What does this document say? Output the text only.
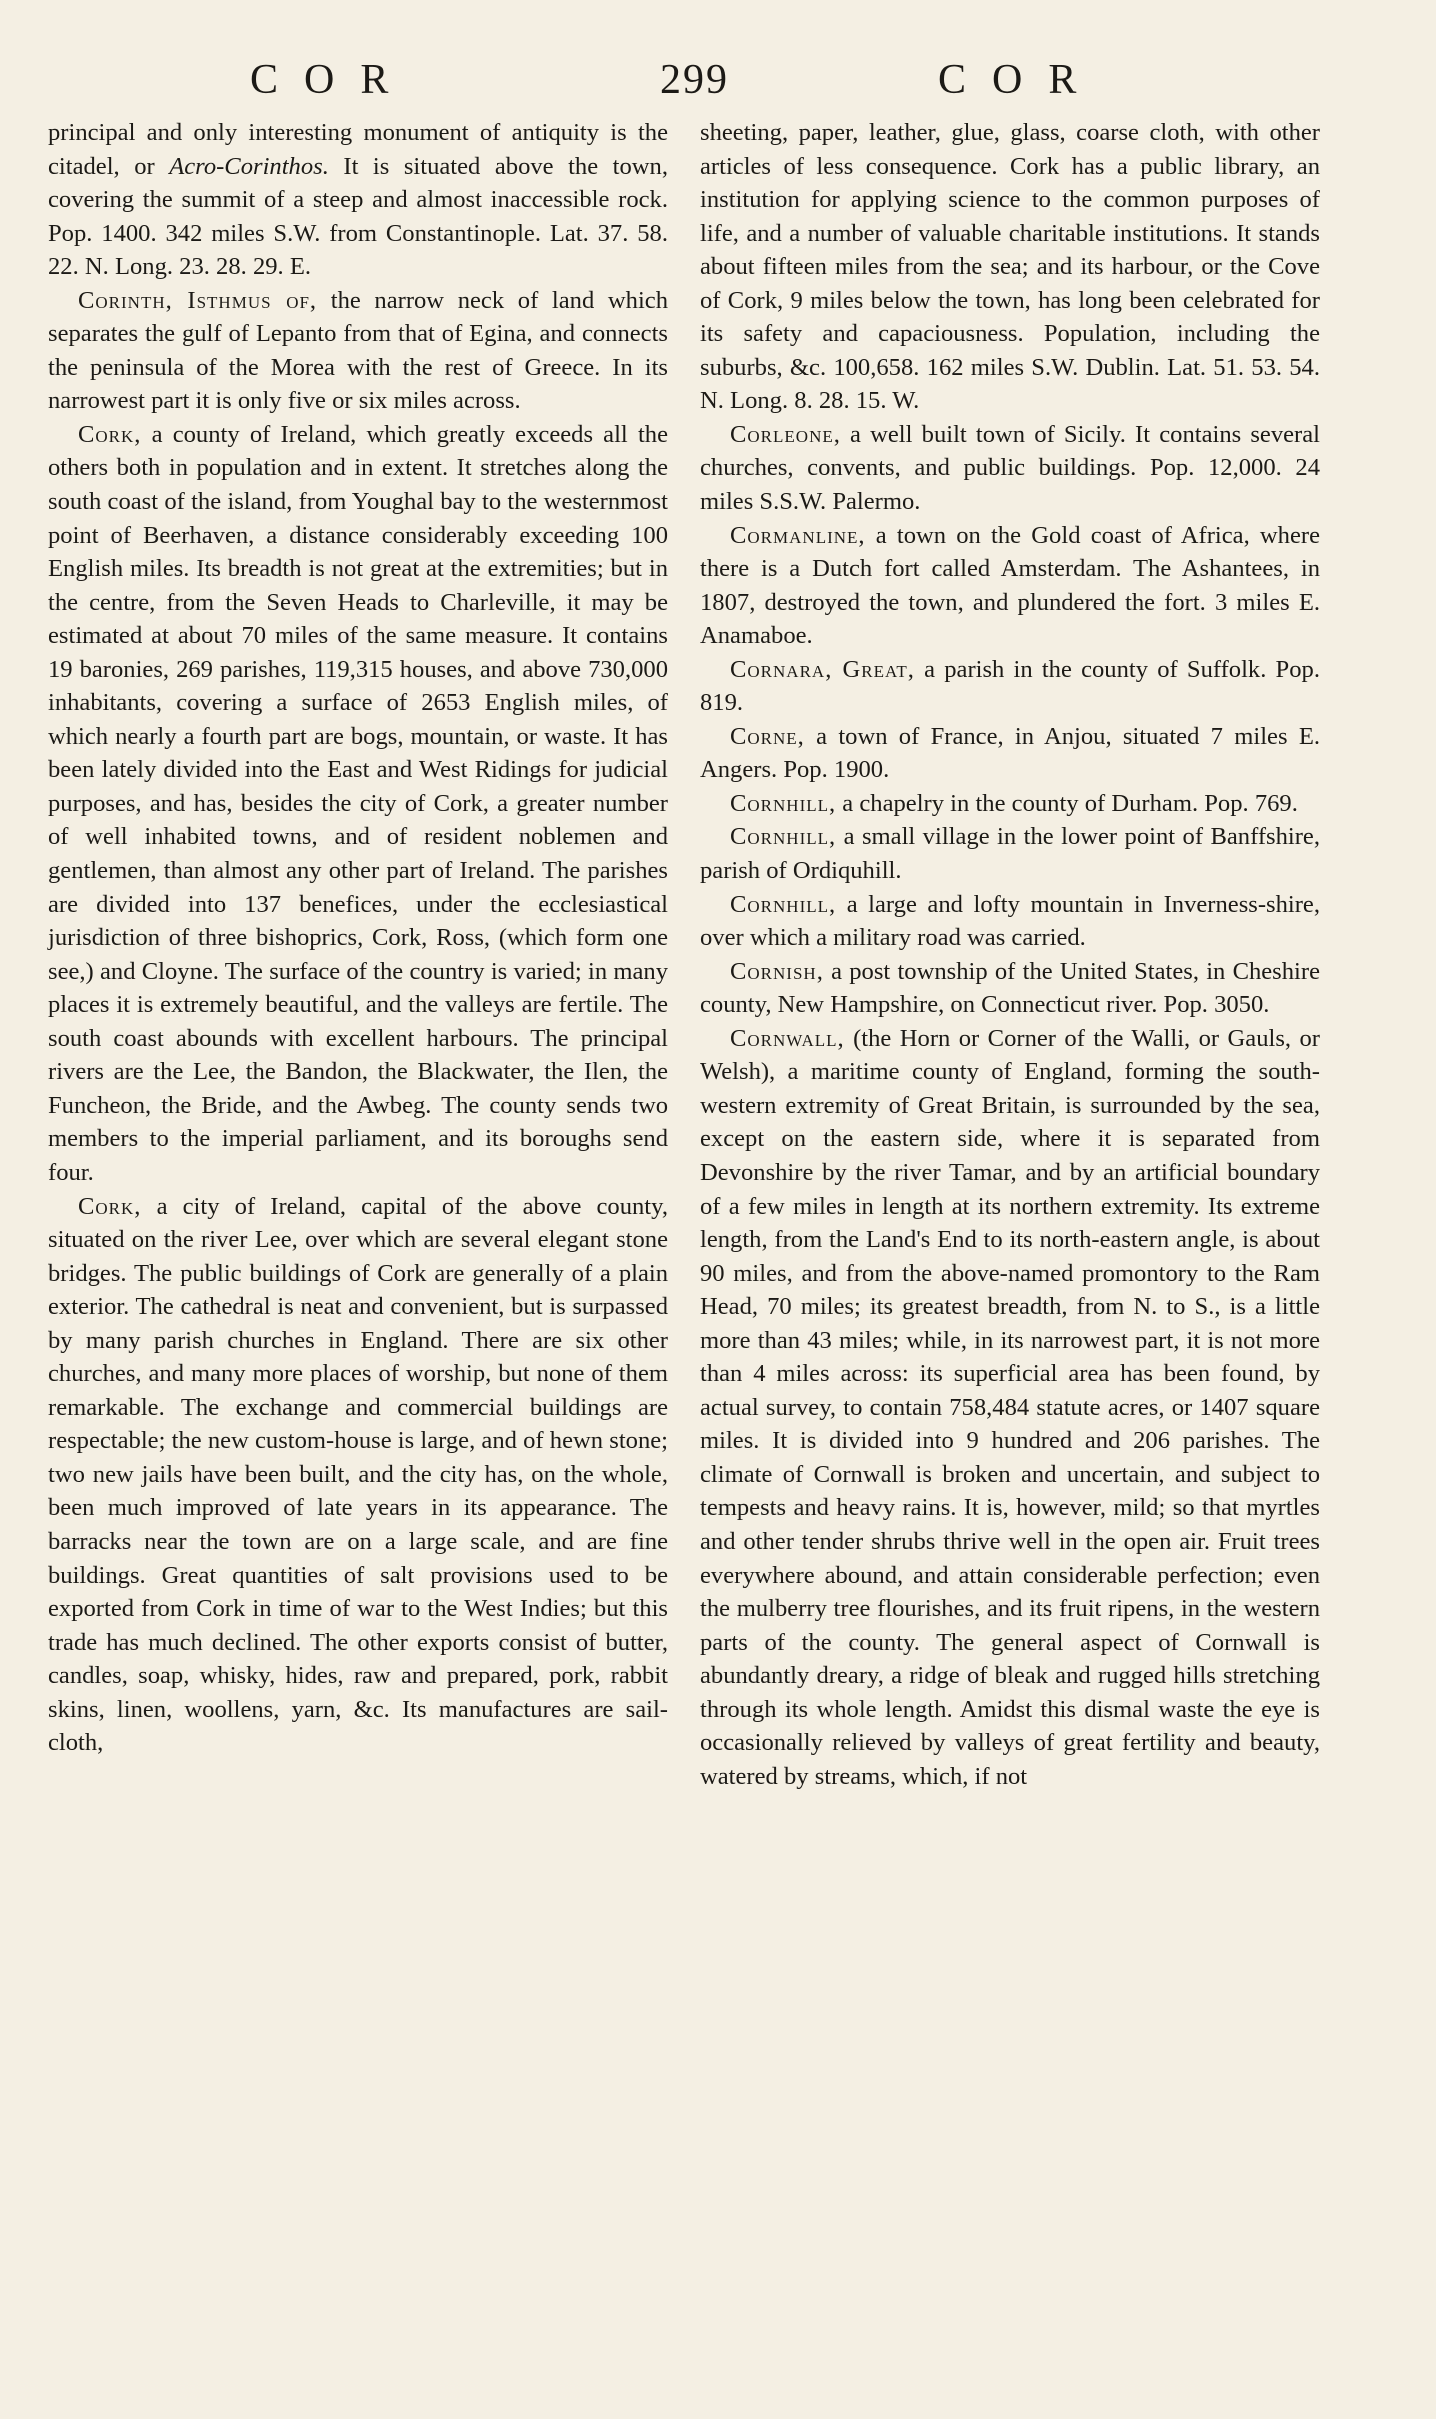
COR	299	COR

principal and only interesting monument of antiquity is the citadel, or Acro-Corinthos. It is situated above the town, covering the summit of a steep and almost inaccessible rock. Pop. 1400. 342 miles S.W. from Constantinople. Lat. 37. 58. 22. N. Long. 23. 28. 29. E.

Corinth, Isthmus of, the narrow neck of land which separates the gulf of Lepanto from that of Egina, and connects the peninsula of the Morea with the rest of Greece. In its narrowest part it is only five or six miles across.

Cork, a county of Ireland, which greatly exceeds all the others both in population and in extent. It stretches along the south coast of the island, from Youghal bay to the westernmost point of Beerhaven, a distance considerably exceeding 100 English miles. Its breadth is not great at the extremities; but in the centre, from the Seven Heads to Charleville, it may be estimated at about 70 miles of the same measure. It contains 19 baronies, 269 parishes, 119,315 houses, and above 730,000 inhabitants, covering a surface of 2653 English miles, of which nearly a fourth part are bogs, mountain, or waste. It has been lately divided into the East and West Ridings for judicial purposes, and has, besides the city of Cork, a greater number of well inhabited towns, and of resident noblemen and gentlemen, than almost any other part of Ireland. The parishes are divided into 137 benefices, under the ecclesiastical jurisdiction of three bishoprics, Cork, Ross, (which form one see,) and Cloyne. The surface of the country is varied; in many places it is extremely beautiful, and the valleys are fertile. The south coast abounds with excellent harbours. The principal rivers are the Lee, the Bandon, the Blackwater, the Ilen, the Funcheon, the Bride, and the Awbeg. The county sends two members to the imperial parliament, and its boroughs send four.

Cork, a city of Ireland, capital of the above county, situated on the river Lee, over which are several elegant stone bridges. The public buildings of Cork are generally of a plain exterior. The cathedral is neat and convenient, but is surpassed by many parish churches in England. There are six other churches, and many more places of worship, but none of them remarkable. The exchange and commercial buildings are respectable; the new custom-house is large, and of hewn stone; two new jails have been built, and the city has, on the whole, been much improved of late years in its appearance. The barracks near the town are on a large scale, and are fine buildings. Great quantities of salt provisions used to be exported from Cork in time of war to the West Indies; but this trade has much declined. The other exports consist of butter, candles, soap, whisky, hides, raw and prepared, pork, rabbit skins, linen, woollens, yarn, &c. Its manufactures are sail-cloth,

sheeting, paper, leather, glue, glass, coarse cloth, with other articles of less consequence. Cork has a public library, an institution for applying science to the common purposes of life, and a number of valuable charitable institutions. It stands about fifteen miles from the sea; and its harbour, or the Cove of Cork, 9 miles below the town, has long been celebrated for its safety and capaciousness. Population, including the suburbs, &c. 100,658. 162 miles S.W. Dublin. Lat. 51. 53. 54. N. Long. 8. 28. 15. W.

Corleone, a well built town of Sicily. It contains several churches, convents, and public buildings. Pop. 12,000. 24 miles S.S.W. Palermo.

Cormanline, a town on the Gold coast of Africa, where there is a Dutch fort called Amsterdam. The Ashantees, in 1807, destroyed the town, and plundered the fort. 3 miles E. Anamaboe.

Cornara, Great, a parish in the county of Suffolk. Pop. 819.

Corne, a town of France, in Anjou, situated 7 miles E. Angers. Pop. 1900.

Cornhill, a chapelry in the county of Durham. Pop. 769.

Cornhill, a small village in the lower point of Banffshire, parish of Ordiquhill.

Cornhill, a large and lofty mountain in Inverness-shire, over which a military road was carried.

Cornish, a post township of the United States, in Cheshire county, New Hampshire, on Connecticut river. Pop. 3050.

Cornwall, (the Horn or Corner of the Walli, or Gauls, or Welsh), a maritime county of England, forming the south-western extremity of Great Britain, is surrounded by the sea, except on the eastern side, where it is separated from Devonshire by the river Tamar, and by an artificial boundary of a few miles in length at its northern extremity. Its extreme length, from the Land's End to its north-eastern angle, is about 90 miles, and from the above-named promontory to the Ram Head, 70 miles; its greatest breadth, from N. to S., is a little more than 43 miles; while, in its narrowest part, it is not more than 4 miles across: its superficial area has been found, by actual survey, to contain 758,484 statute acres, or 1407 square miles. It is divided into 9 hundred and 206 parishes. The climate of Cornwall is broken and uncertain, and subject to tempests and heavy rains. It is, however, mild; so that myrtles and other tender shrubs thrive well in the open air. Fruit trees everywhere abound, and attain considerable perfection; even the mulberry tree flourishes, and its fruit ripens, in the western parts of the county. The general aspect of Cornwall is abundantly dreary, a ridge of bleak and rugged hills stretching through its whole length. Amidst this dismal waste the eye is occasionally relieved by valleys of great fertility and beauty, watered by streams, which, if not
